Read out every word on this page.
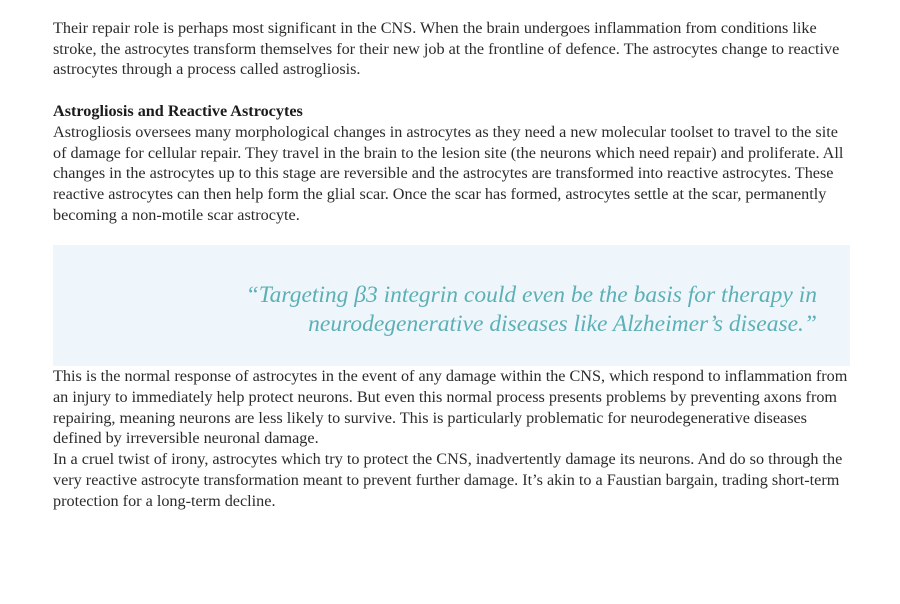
Their repair role is perhaps most significant in the CNS. When the brain undergoes inflammation from conditions like stroke, the astrocytes transform themselves for their new job at the frontline of defence. The astrocytes change to reactive astrocytes through a process called astrogliosis.

Astrogliosis and Reactive Astrocytes

Astrogliosis oversees many morphological changes in astrocytes as they need a new molecular toolset to travel to the site of damage for cellular repair. They travel in the brain to the lesion site (the neurons which need repair) and proliferate. All changes in the astrocytes up to this stage are reversible and the astrocytes are transformed into reactive astrocytes. These reactive astrocytes can then help form the glial scar. Once the scar has formed, astrocytes settle at the scar, permanently becoming a non-motile scar astrocyte.

“Targeting β3 integrin could even be the basis for therapy in neurodegenerative diseases like Alzheimer’s disease.”

This is the normal response of astrocytes in the event of any damage within the CNS, which respond to inflammation from an injury to immediately help protect neurons. But even this normal process presents problems by preventing axons from repairing, meaning neurons are less likely to survive. This is particularly problematic for neurodegenerative diseases defined by irreversible neuronal damage.

In a cruel twist of irony, astrocytes which try to protect the CNS, inadvertently damage its neurons. And do so through the very reactive astrocyte transformation meant to prevent further damage. It’s akin to a Faustian bargain, trading short-term protection for a long-term decline.
